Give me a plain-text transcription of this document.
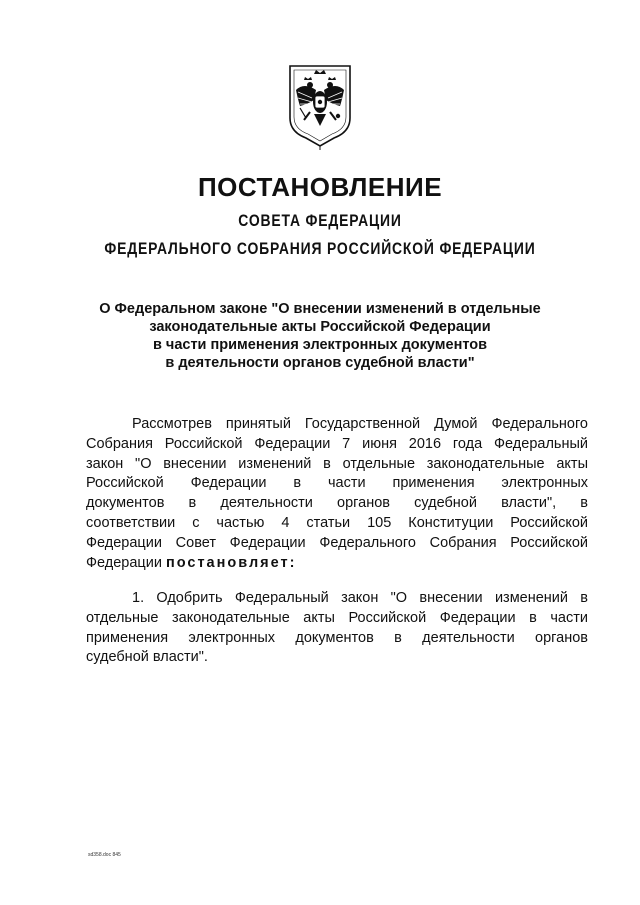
ПОСТАНОВЛЕНИЕ
СОВЕТА ФЕДЕРАЦИИ
ФЕДЕРАЛЬНОГО СОБРАНИЯ РОССИЙСКОЙ ФЕДЕРАЦИИ
О Федеральном законе "О внесении изменений в отдельные
законодательные акты Российской Федерации
в части применения электронных документов
в деятельности органов судебной власти"
Рассмотрев принятый Государственной Думой Федерального
Собрания Российской Федерации 7 июня 2016 года Федеральный
закон "О внесении изменений в отдельные законодательные акты
Российской Федерации в части применения электронных
документов в деятельности органов судебной власти", в
соответствии с частью 4 статьи 105 Конституции Российской
Федерации Совет Федерации Федерального Собрания Российской
Федерации постановляет:
1. Одобрить Федеральный закон "О внесении изменений в
отдельные законодательные акты Российской Федерации в части
применения электронных документов в деятельности органов
судебной власти".
sd358.doc 845
